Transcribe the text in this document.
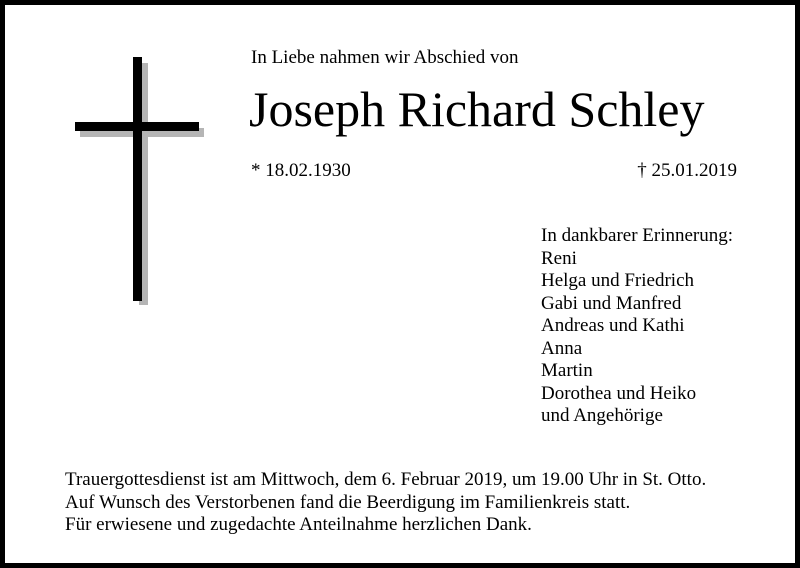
In Liebe nahmen wir Abschied von
Joseph Richard Schley
* 18.02.1930	† 25.01.2019
In dankbarer Erinnerung:
Reni
Helga und Friedrich
Gabi und Manfred
Andreas und Kathi
Anna
Martin
Dorothea und Heiko
und Angehörige
Trauergottesdienst ist am Mittwoch, dem 6. Februar 2019, um 19.00 Uhr in St. Otto.
Auf Wunsch des Verstorbenen fand die Beerdigung im Familienkreis statt.
Für erwiesene und zugedachte Anteilnahme herzlichen Dank.
